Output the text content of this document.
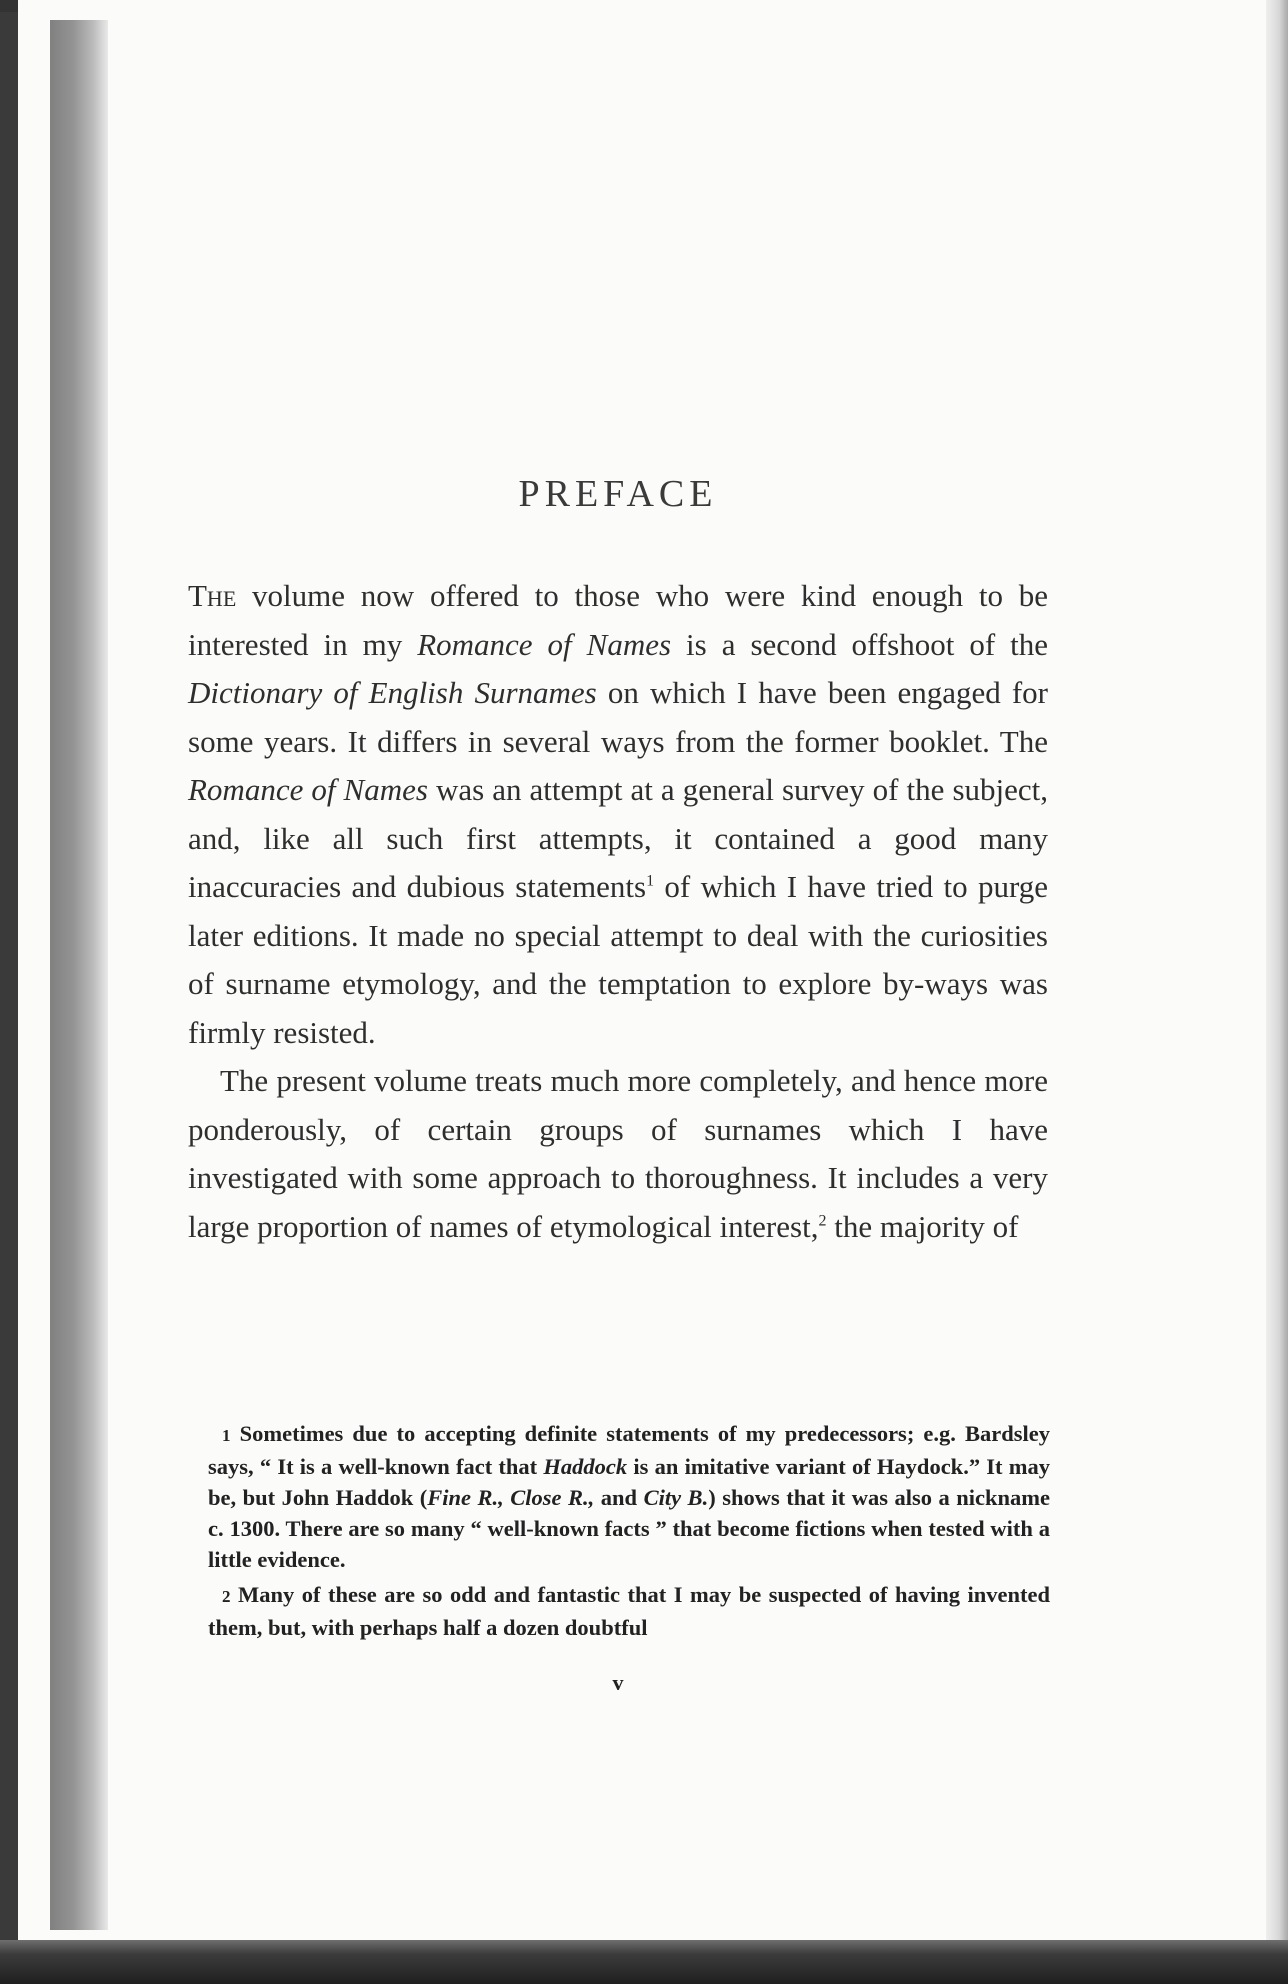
PREFACE

The volume now offered to those who were kind enough to be interested in my Romance of Names is a second offshoot of the Dictionary of English Surnames on which I have been engaged for some years. It differs in several ways from the former booklet. The Romance of Names was an attempt at a general survey of the subject, and, like all such first attempts, it contained a good many inaccuracies and dubious statements$^1$ of which I have tried to purge later editions. It made no special attempt to deal with the curiosities of surname etymology, and the temptation to explore by-ways was firmly resisted.

The present volume treats much more completely, and hence more ponderously, of certain groups of surnames which I have investigated with some approach to thoroughness. It includes a very large proportion of names of etymological interest,$^2$ the majority of

1 Sometimes due to accepting definite statements of my predecessors; e.g. Bardsley says, “ It is a well-known fact that Haddock is an imitative variant of Haydock.” It may be, but John Haddok (Fine R., Close R., and City B.) shows that it was also a nickname c. 1300. There are so many “ well-known facts ” that become fictions when tested with a little evidence.

2 Many of these are so odd and fantastic that I may be suspected of having invented them, but, with perhaps half a dozen doubtful

v
